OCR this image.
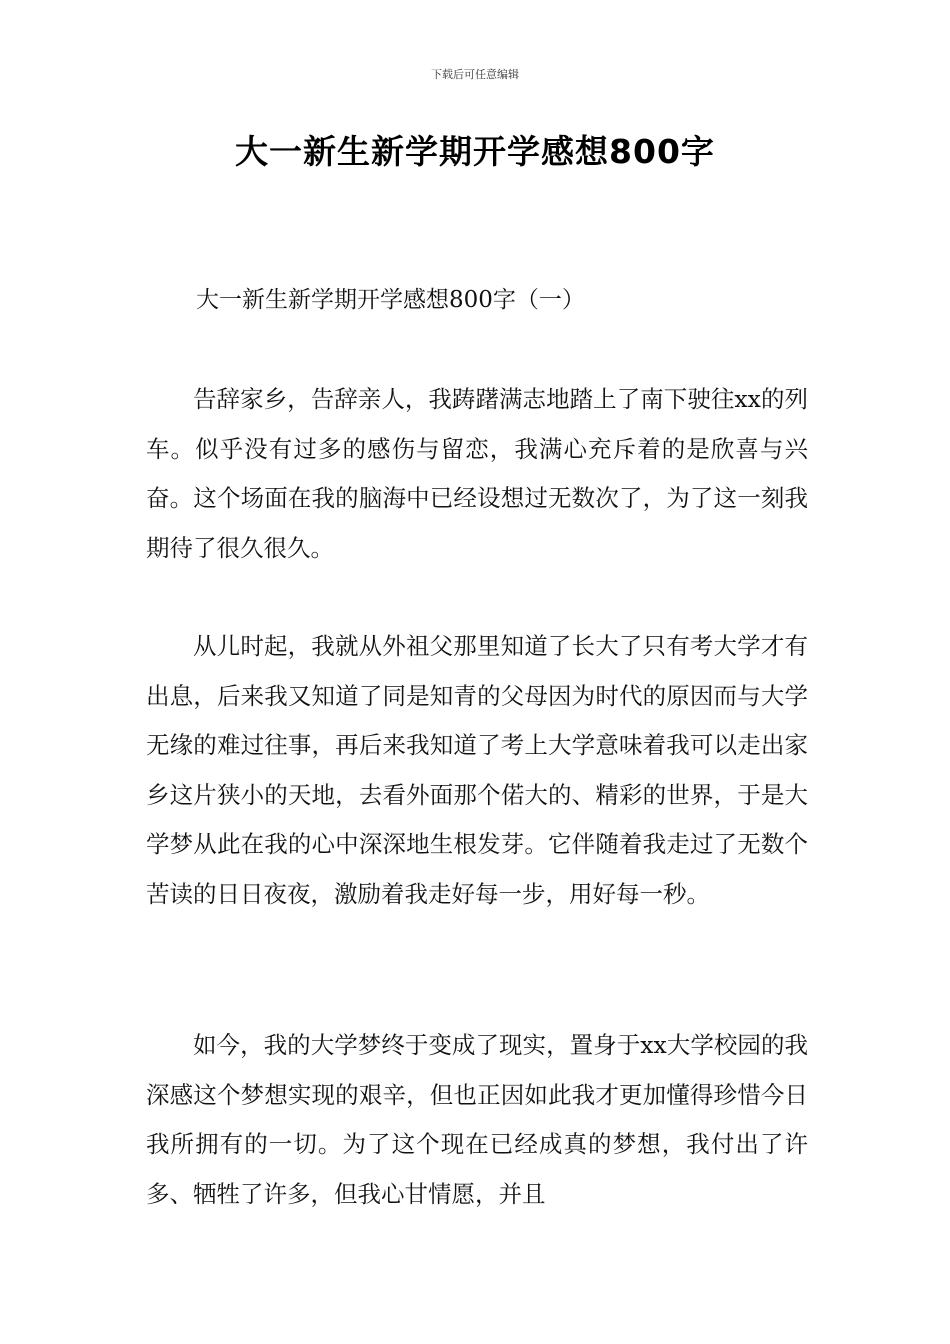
下载后可任意编辑
大一新生新学期开学感想800字
大一新生新学期开学感想800字（一）

告辞家乡，告辞亲人，我踌躇满志地踏上了南下驶往xx的列车。似乎没有过多的感伤与留恋，我满心充斥着的是欣喜与兴奋。这个场面在我的脑海中已经设想过无数次了，为了这一刻我期待了很久很久。

从儿时起，我就从外祖父那里知道了长大了只有考大学才有出息，后来我又知道了同是知青的父母因为时代的原因而与大学无缘的难过往事，再后来我知道了考上大学意味着我可以走出家乡这片狭小的天地，去看外面那个偌大的、精彩的世界，于是大学梦从此在我的心中深深地生根发芽。它伴随着我走过了无数个苦读的日日夜夜，激励着我走好每一步，用好每一秒。

如今，我的大学梦终于变成了现实，置身于xx大学校园的我深感这个梦想实现的艰辛，但也正因如此我才更加懂得珍惜今日我所拥有的一切。为了这个现在已经成真的梦想，我付出了许多、牺牲了许多，但我心甘情愿，并且
